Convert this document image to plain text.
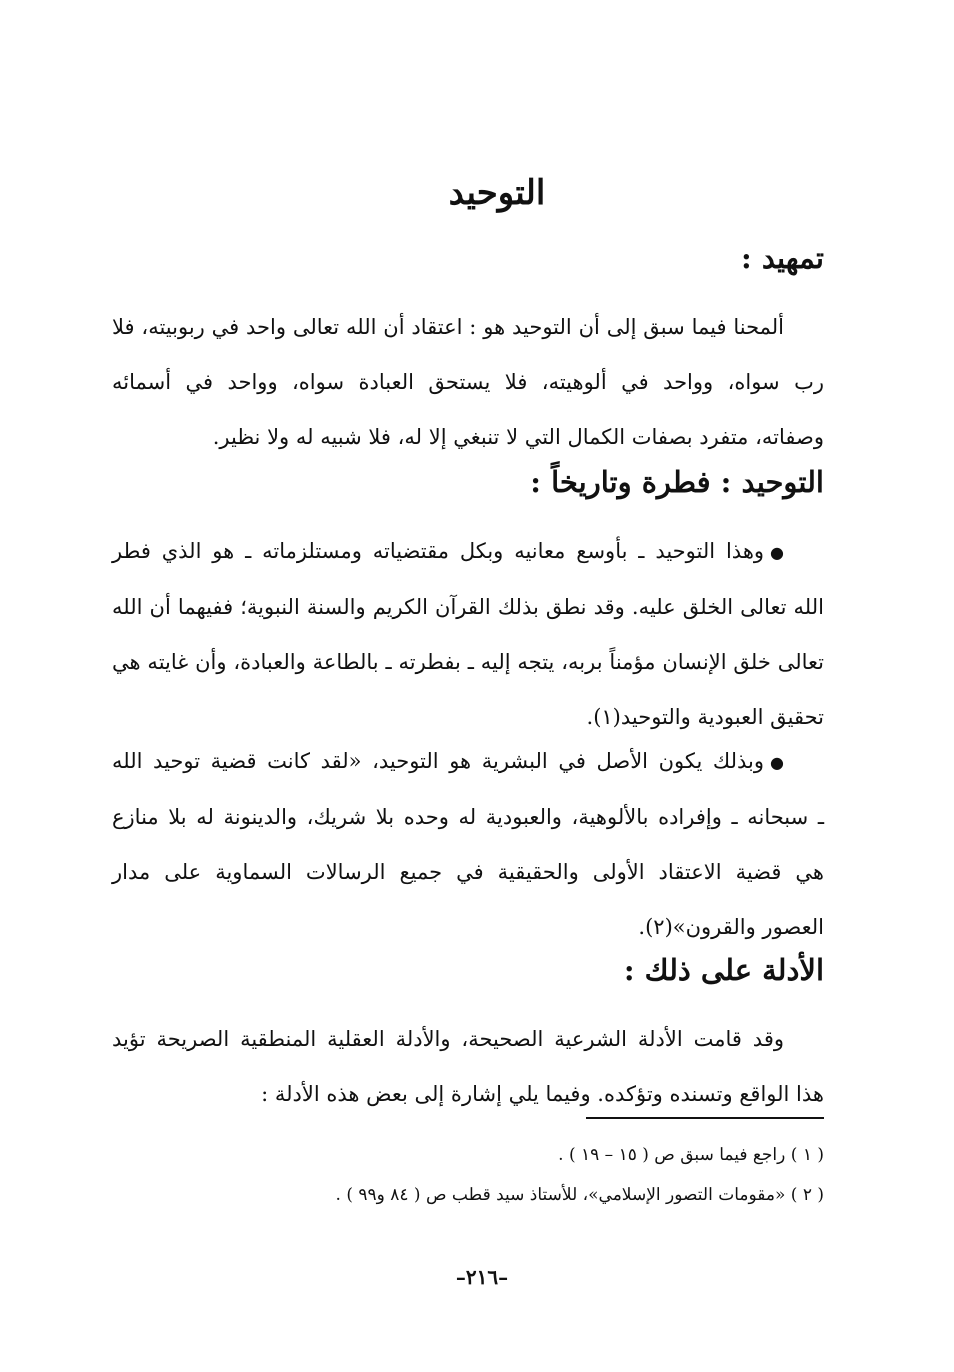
التوحيد
تمهيد :
ألمحنا فيما سبق إلى أن التوحيد هو : اعتقاد أن الله تعالى واحد في ربوبيته، فلا
رب سواه، وواحد في ألوهيته، فلا يستحق العبادة سواه، وواحد في أسمائه
وصفاته، متفرد بصفات الكمال التي لا تنبغي إلا له، فلا شبيه له ولا نظير.
التوحيد : فطرة وتاريخاً :
●وهذا التوحيد ـ بأوسع معانيه وبكل مقتضياته ومستلزماته ـ هو الذي فطر
الله تعالى الخلق عليه. وقد نطق بذلك القرآن الكريم والسنة النبوية؛ ففيهما أن الله
تعالى خلق الإنسان مؤمناً بربه، يتجه إليه ـ بفطرته ـ بالطاعة والعبادة، وأن غايته هي
تحقيق العبودية والتوحيد(١).
●وبذلك يكون الأصل في البشرية هو التوحيد، «لقد كانت قضية توحيد الله
ـ سبحانه ـ وإفراده بالألوهية، والعبودية له وحده بلا شريك، والدينونة له بلا منازع
هي قضية الاعتقاد الأولى والحقيقية في جميع الرسالات السماوية على مدار
العصور والقرون»(٢).
الأدلة على ذلك :
وقد قامت الأدلة الشرعية الصحيحة، والأدلة العقلية المنطقية الصريحة تؤيد
هذا الواقع وتسنده وتؤكده. وفيما يلي إشارة إلى بعض هذه الأدلة :
( ١ ) راجع فيما سبق ص ( ١٥ – ١٩ ) .
( ٢ ) «مقومات التصور الإسلامي»، للأستاذ سيد قطب ص ( ٨٤ و٩٩ ) .
–٢١٦–
